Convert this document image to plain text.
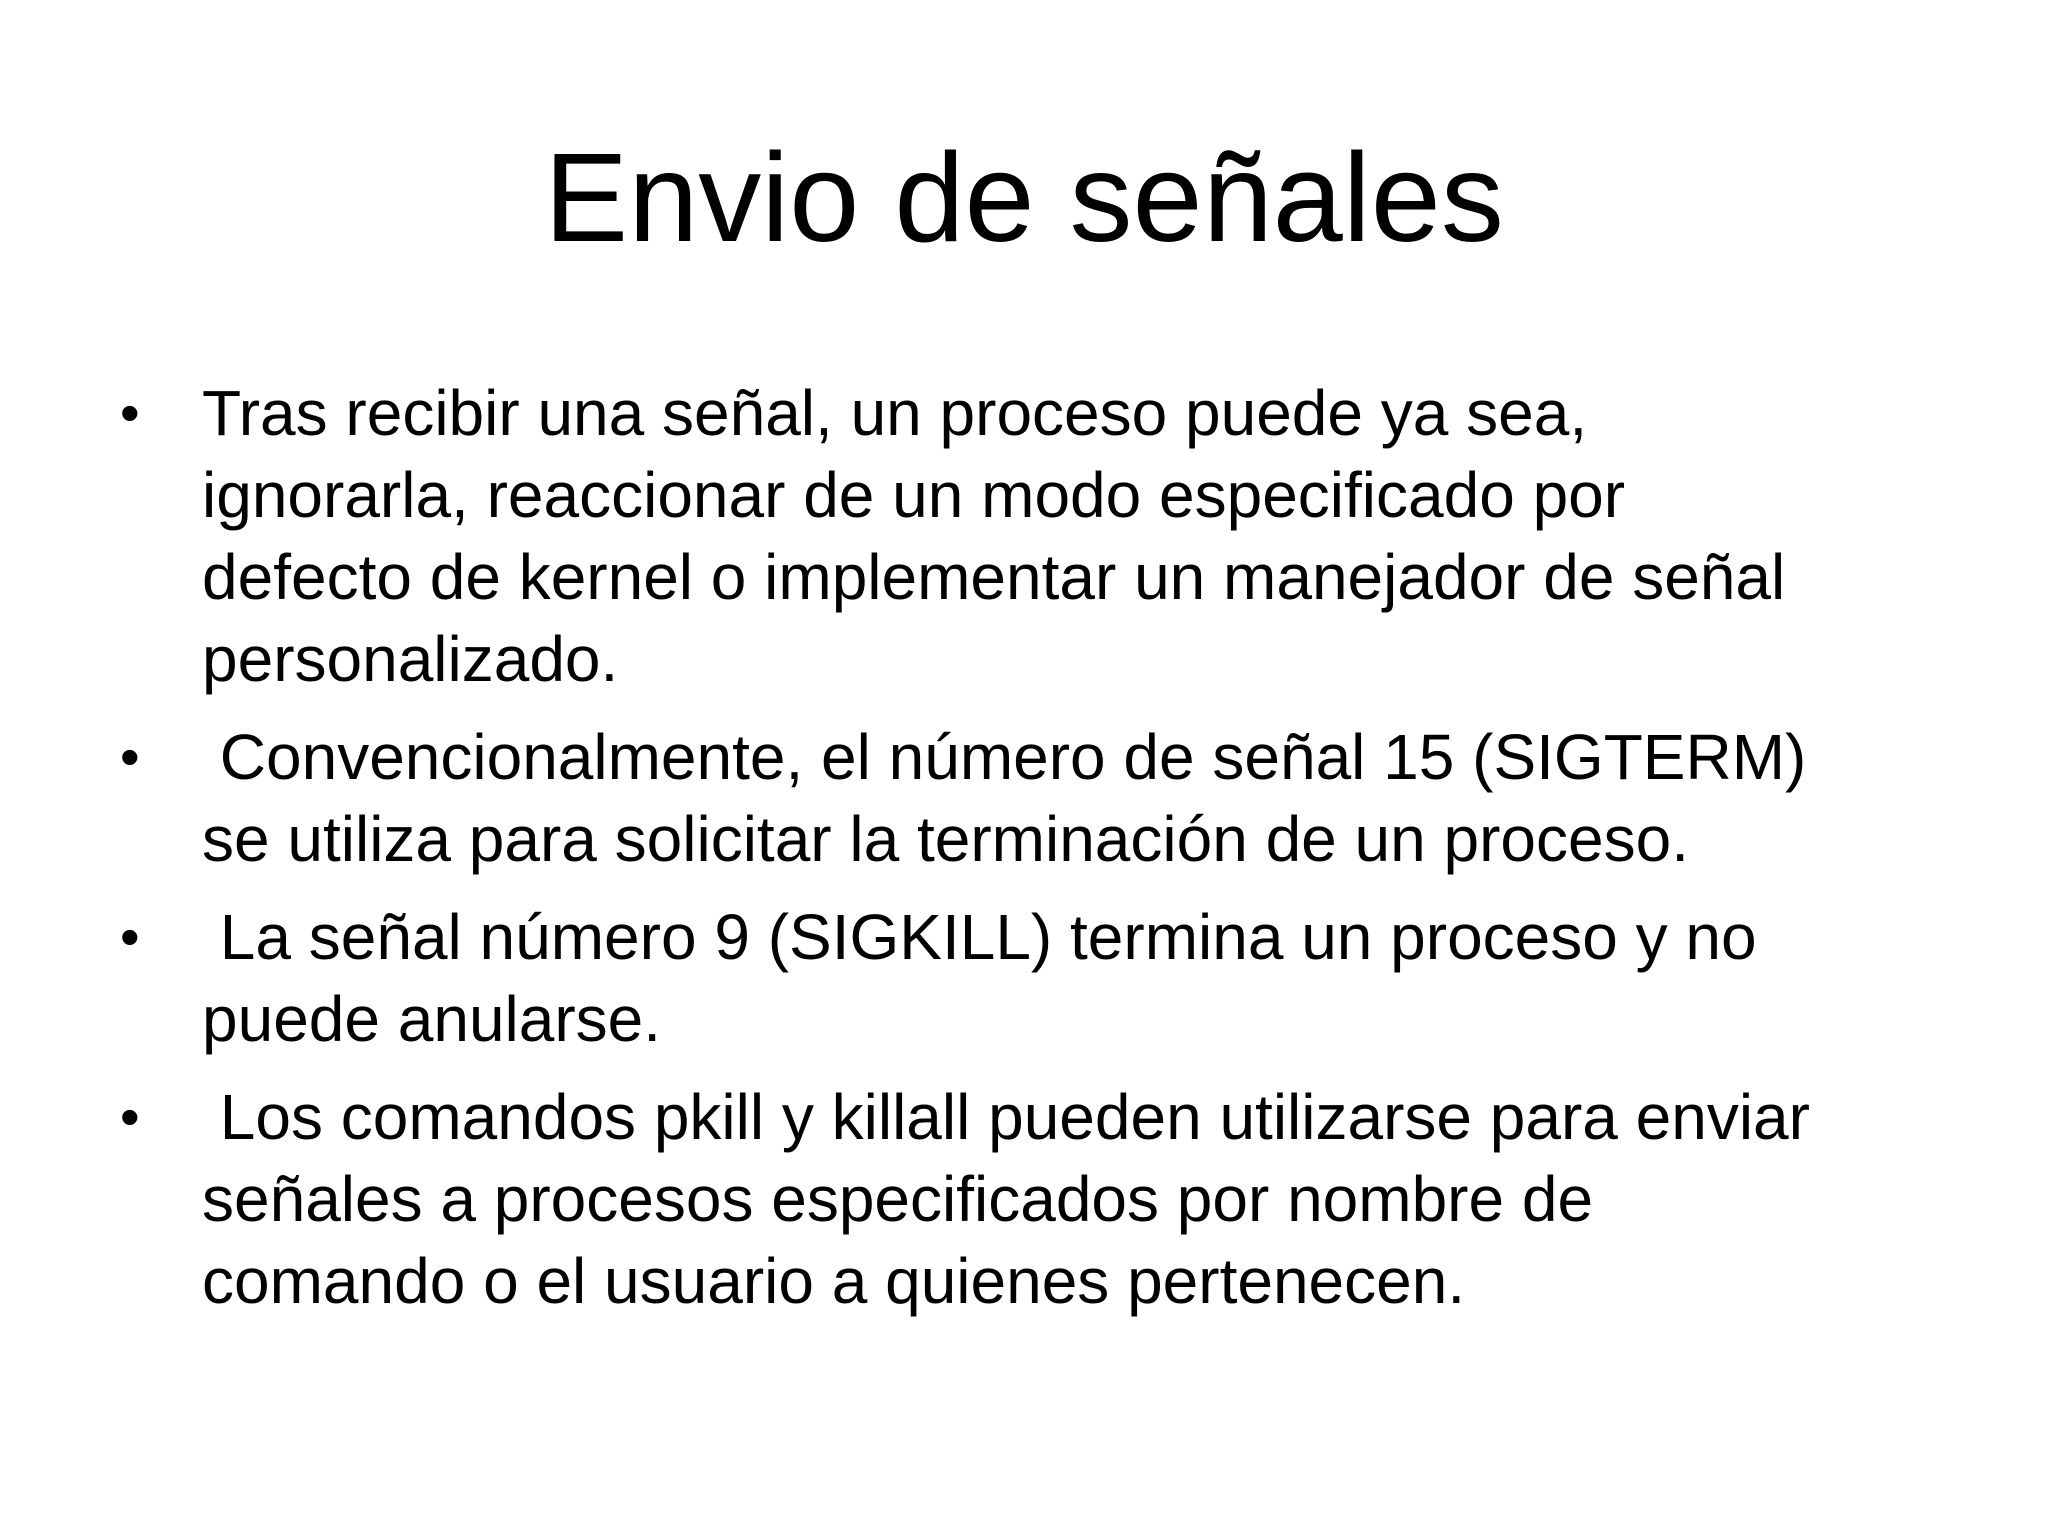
Envio de señales
• Tras recibir una señal, un proceso puede ya sea,
ignorarla, reaccionar de un modo especificado por
defecto de kernel o implementar un manejador de señal
personalizado.
• Convencionalmente, el número de señal 15 (SIGTERM)
se utiliza para solicitar la terminación de un proceso.
• La señal número 9 (SIGKILL) termina un proceso y no
puede anularse.
• Los comandos pkill y killall pueden utilizarse para enviar
señales a procesos especificados por nombre de
comando o el usuario a quienes pertenecen.
